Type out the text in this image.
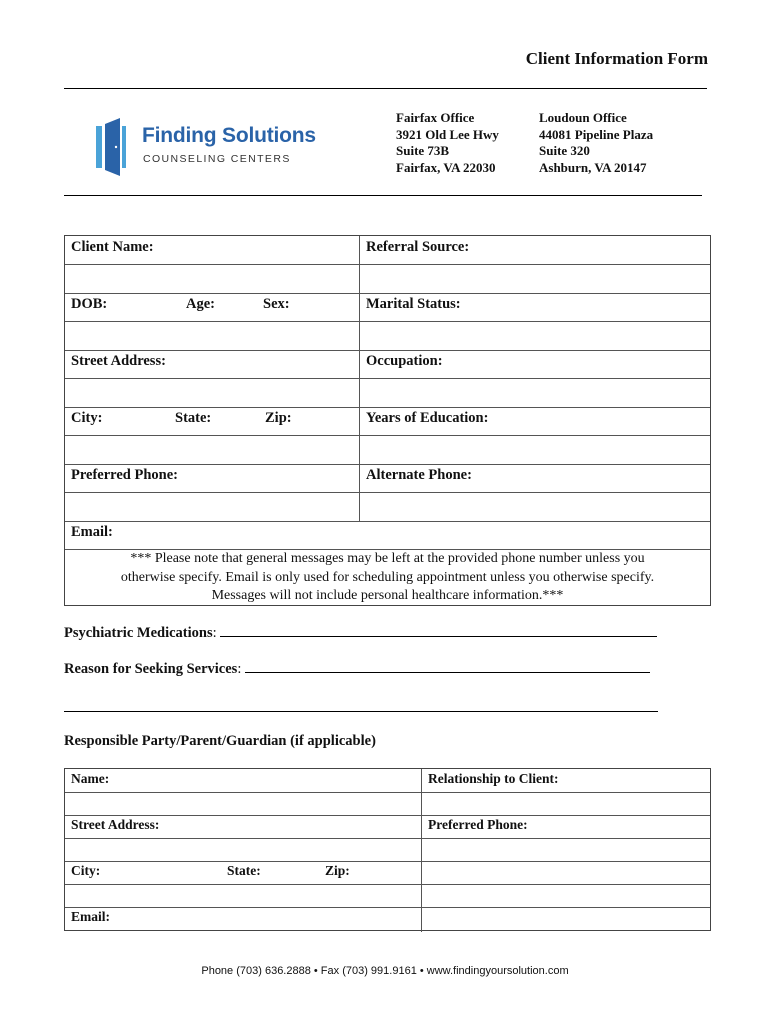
Client Information Form
Finding Solutions
COUNSELING CENTERS
Fairfax Office
3921 Old Lee Hwy
Suite 73B
Fairfax, VA 22030
Loudoun Office
44081 Pipeline Plaza
Suite 320
Ashburn, VA 20147
Client Name:	Referral Source:
DOB:	Age:	Sex:	Marital Status:
Street Address:	Occupation:
City:	State:	Zip:	Years of Education:
Preferred Phone:	Alternate Phone:
Email:
*** Please note that general messages may be left at the provided phone number unless you
otherwise specify. Email is only used for scheduling appointment unless you otherwise specify.
Messages will not include personal healthcare information.***
Psychiatric Medications:
Reason for Seeking Services:
Responsible Party/Parent/Guardian (if applicable)
Name:	Relationship to Client:
Street Address:	Preferred Phone:
City:	State:	Zip:
Email:
Phone (703) 636.2888 • Fax (703) 991.9161 • www.findingyoursolution.com
